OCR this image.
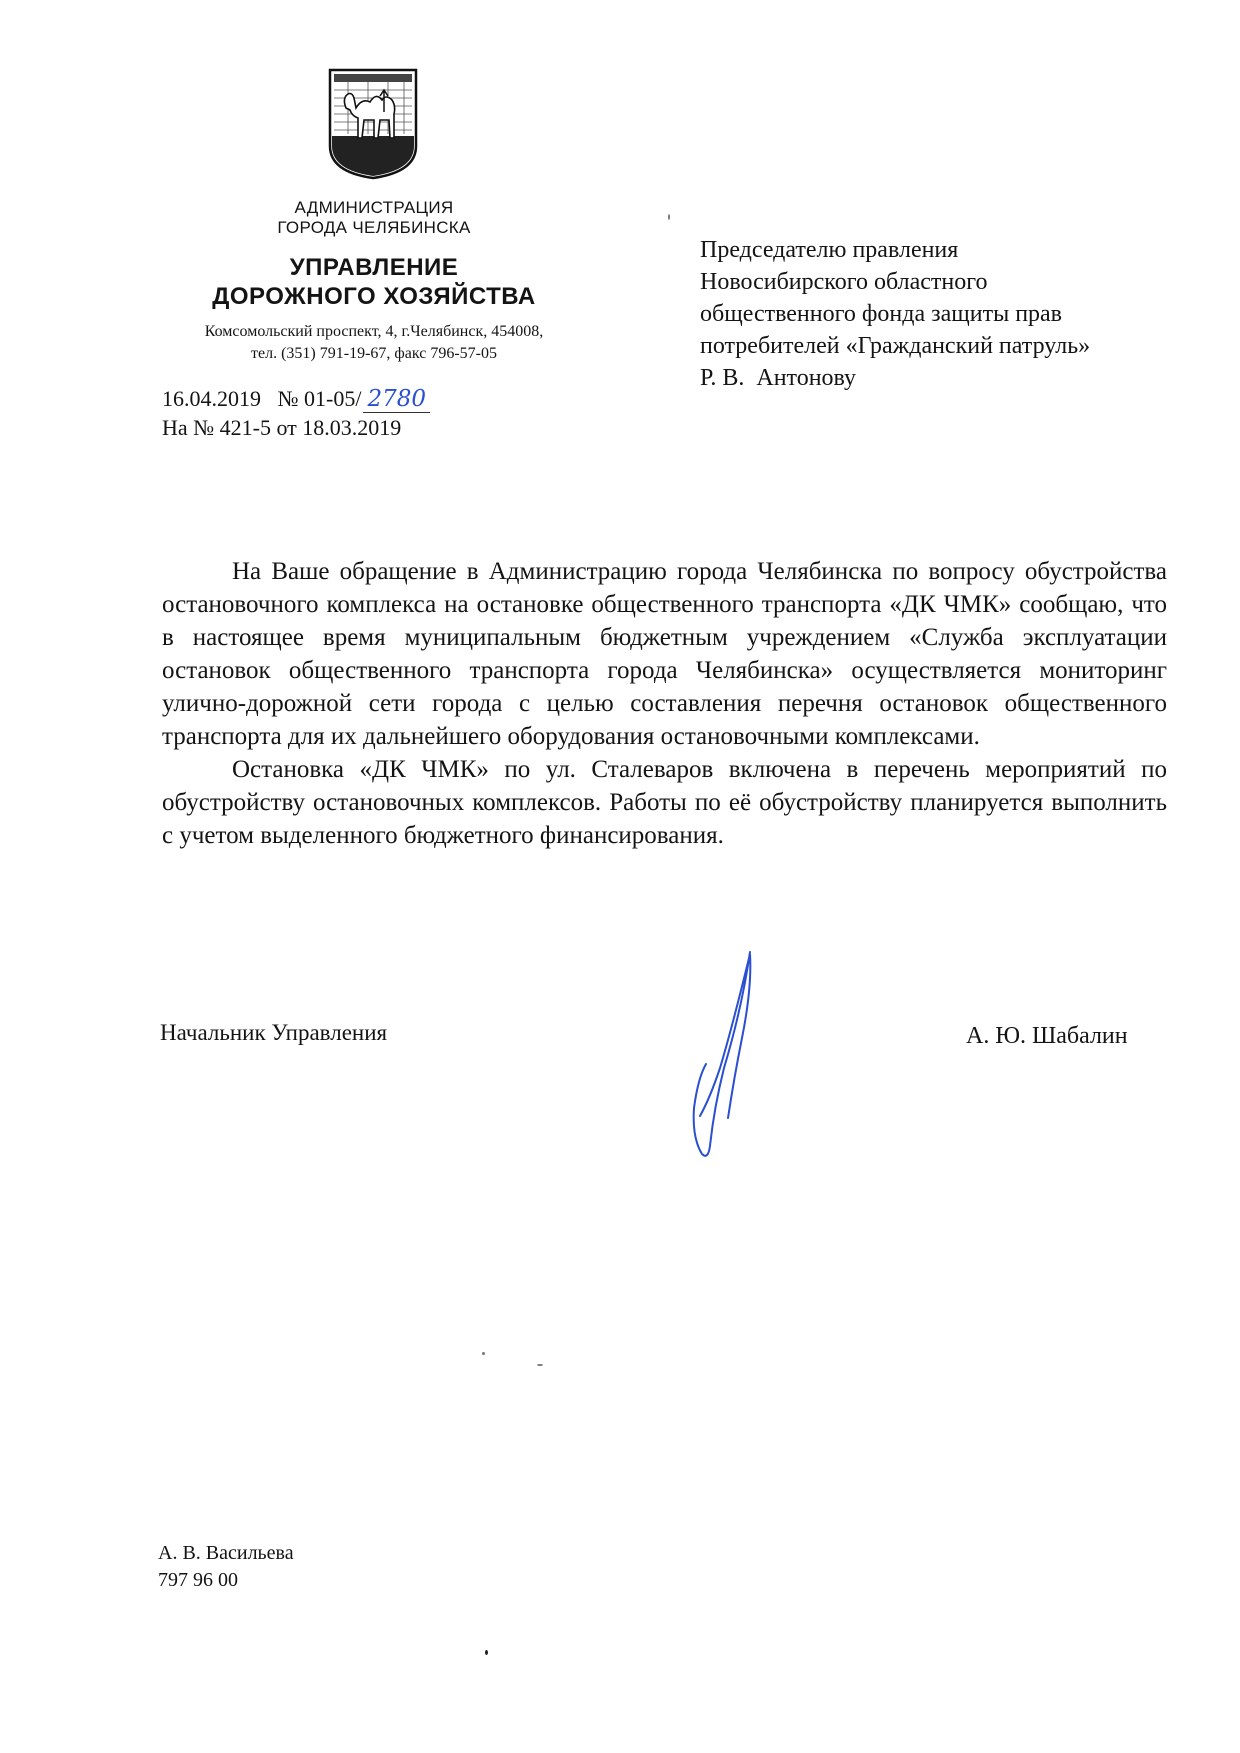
АДМИНИСТРАЦИЯ
ГОРОДА ЧЕЛЯБИНСКА
УПРАВЛЕНИЕ
ДОРОЖНОГО ХОЗЯЙСТВА
Комсомольский проспект, 4, г.Челябинск, 454008,
тел. (351) 791-19-67, факс 796-57-05
16.04.2019   № 01-05/ 2780
На № 421-5 от 18.03.2019
Председателю правления
Новосибирского областного
общественного фонда защиты прав
потребителей «Гражданский патруль»
Р. В.  Антонову

На Ваше обращение в Администрацию города Челябинска по вопросу обустройства остановочного комплекса на остановке общественного транспорта «ДК ЧМК» сообщаю, что в настоящее время муниципальным бюджетным учреждением «Служба эксплуатации остановок общественного транспорта города Челябинска» осуществляется мониторинг улично-дорожной сети города с целью составления перечня остановок общественного транспорта для их дальнейшего оборудования остановочными комплексами.

Остановка «ДК ЧМК» по ул. Сталеваров включена в перечень мероприятий по обустройству остановочных комплексов. Работы по её обустройству планируется выполнить с учетом выделенного бюджетного финансирования.

Начальник Управления	А. Ю. Шабалин
А. В. Васильева
797 96 00
